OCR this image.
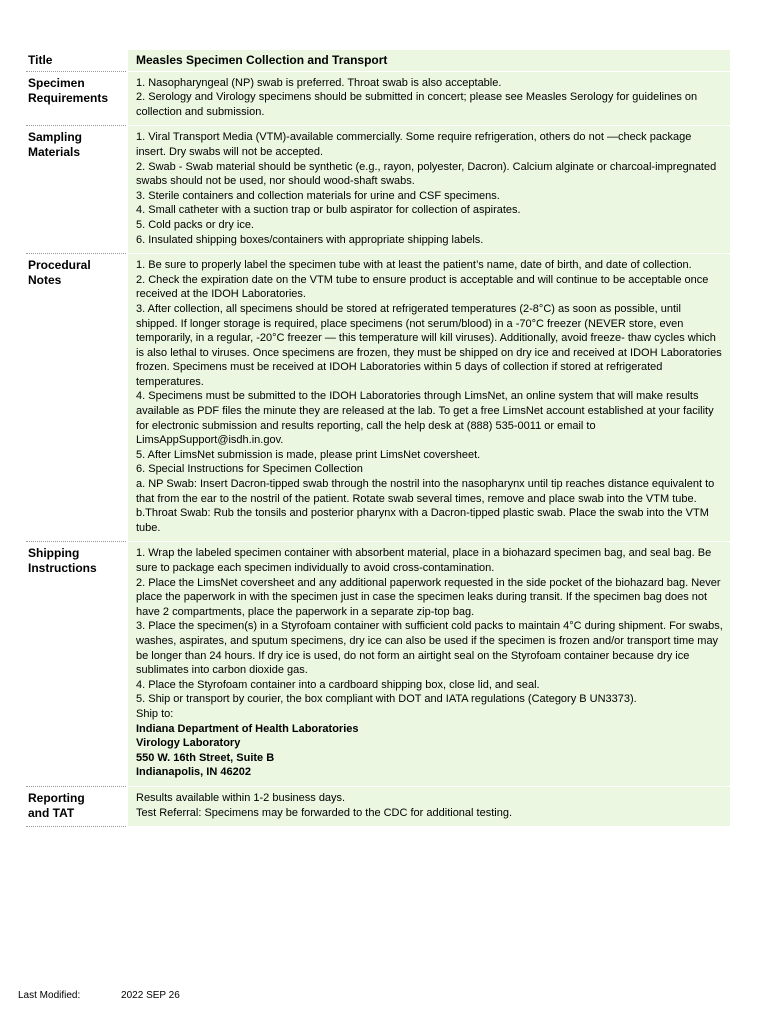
Title	Measles Specimen Collection and Transport
Specimen
Requirements

1. Nasopharyngeal (NP) swab is preferred. Throat swab is also acceptable.

2. Serology and Virology specimens should be submitted in concert; please see Measles Serology for guidelines on collection and submission.

Sampling
Materials

1. Viral Transport Media (VTM)-available commercially. Some require refrigeration, others do not —check package insert. Dry swabs will not be accepted.

2. Swab - Swab material should be synthetic (e.g., rayon, polyester, Dacron). Calcium alginate or charcoal-impregnated swabs should not be used, nor should wood-shaft swabs.

3. Sterile containers and collection materials for urine and CSF specimens.

4. Small catheter with a suction trap or bulb aspirator for collection of aspirates.

5. Cold packs or dry ice.

6. Insulated shipping boxes/containers with appropriate shipping labels.

Procedural
Notes

1. Be sure to properly label the specimen tube with at least the patient’s name, date of birth, and date of collection.

2. Check the expiration date on the VTM tube to ensure product is acceptable and will continue to be acceptable once received at the IDOH Laboratories.

3. After collection, all specimens should be stored at refrigerated temperatures (2-8°C) as soon as possible, until shipped. If longer storage is required, place specimens (not serum/blood) in a -70°C freezer (NEVER store, even temporarily, in a regular, -20°C freezer — this temperature will kill viruses). Additionally, avoid freeze- thaw cycles which is also lethal to viruses. Once specimens are frozen, they must be shipped on dry ice and received at IDOH Laboratories frozen. Specimens must be received at IDOH Laboratories within 5 days of collection if stored at refrigerated temperatures.

4. Specimens must be submitted to the IDOH Laboratories through LimsNet, an online system that will make results available as PDF files the minute they are released at the lab. To get a free LimsNet account established at your facility for electronic submission and results reporting, call the help desk at (888) 535-0011 or email to LimsAppSupport@isdh.in.gov.

5. After LimsNet submission is made, please print LimsNet coversheet.

6. Special Instructions for Specimen Collection

a. NP Swab: Insert Dacron-tipped swab through the nostril into the nasopharynx until tip reaches distance equivalent to that from the ear to the nostril of the patient. Rotate swab several times, remove and place swab into the VTM tube.

b.Throat Swab: Rub the tonsils and posterior pharynx with a Dacron-tipped plastic swab. Place the swab into the VTM tube.

Shipping
Instructions

1. Wrap the labeled specimen container with absorbent material, place in a biohazard specimen bag, and seal bag. Be sure to package each specimen individually to avoid cross-contamination.

2. Place the LimsNet coversheet and any additional paperwork requested in the side pocket of the biohazard bag. Never place the paperwork in with the specimen just in case the specimen leaks during transit. If the specimen bag does not have 2 compartments, place the paperwork in a separate zip-top bag.

3. Place the specimen(s) in a Styrofoam container with sufficient cold packs to maintain 4°C during shipment. For swabs, washes, aspirates, and sputum specimens, dry ice can also be used if the specimen is frozen and/or transport time may be longer than 24 hours. If dry ice is used, do not form an airtight seal on the Styrofoam container because dry ice sublimates into carbon dioxide gas.

4. Place the Styrofoam container into a cardboard shipping box, close lid, and seal.

5. Ship or transport by courier, the box compliant with DOT and IATA regulations (Category B UN3373).

Ship to:

Indiana Department of Health Laboratories

Virology Laboratory

550 W. 16th Street, Suite B

Indianapolis, IN 46202

Reporting
and TAT

Results available within 1-2 business days.

Test Referral: Specimens may be forwarded to the CDC for additional testing.

Last Modified:	2022 SEP 26
